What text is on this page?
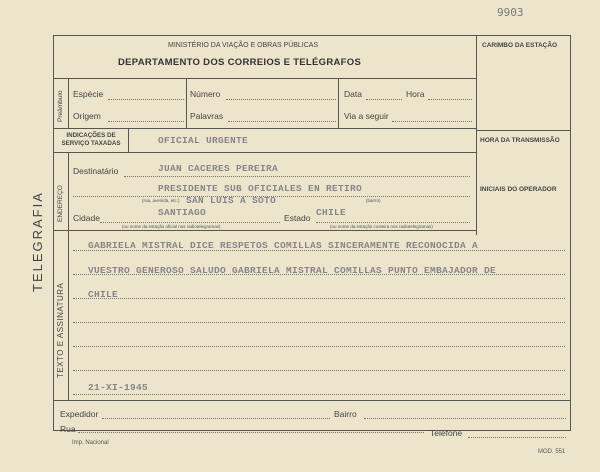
9903
TELEGRAFIA
MINISTÉRIO DA VIAÇÃO E OBRAS PÚBLICAS
DEPARTAMENTO DOS CORREIOS E TELÉGRAFOS
CARIMBO DA ESTAÇÃO
Preâmbulo Espécie	Número	Data	Hora
Origem	Palavras	Via a seguir
INDICAÇÕES DE SERVIÇO TAXADAS	OFICIAL URGENTE	HORA DA TRANSMISSÃO
ENDEREÇO
Destinatário	JUAN CACERES PEREIRA
PRESIDENTE SUB OFICIALES EN RETIRO
(rua, avenida, etc.) SAN LUIS A SOTO	(bairro)
Cidade	SANTIAGO	Estado CHILE
(ou nome da estação oficial nos radiotelegramas)	(ou nome da estação costeira nos radiotelegramas)
INICIAIS DO OPERADOR
TEXTO E ASSINATURA
GABRIELA MISTRAL DICE RESPETOS COMILLAS SINCERAMENTE RECONOCIDA A
VUESTRO GENEROSO SALUDO GABRIELA MISTRAL COMILLAS PUNTO EMBAJADOR DE
CHILE
21-XI-1945
Expedidor	Bairro
Rua	Telefone
Imp. Nacional
MOD. 551
